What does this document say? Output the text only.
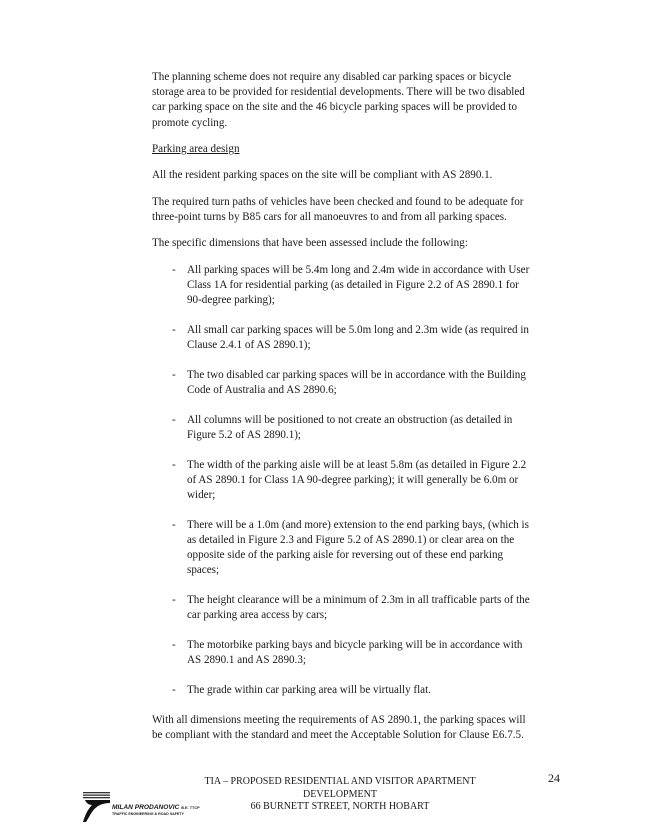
The planning scheme does not require any disabled car parking spaces or bicycle storage area to be provided for residential developments. There will be two disabled car parking space on the site and the 46 bicycle parking spaces will be provided to promote cycling.

Parking area design

All the resident parking spaces on the site will be compliant with AS 2890.1.

The required turn paths of vehicles have been checked and found to be adequate for three-point turns by B85 cars for all manoeuvres to and from all parking spaces.

The specific dimensions that have been assessed include the following:

- All parking spaces will be 5.4m long and 2.4m wide in accordance with User Class 1A for residential parking (as detailed in Figure 2.2 of AS 2890.1 for 90-degree parking);
- All small car parking spaces will be 5.0m long and 2.3m wide (as required in Clause 2.4.1 of AS 2890.1);
- The two disabled car parking spaces will be in accordance with the Building Code of Australia and AS 2890.6;
- All columns will be positioned to not create an obstruction (as detailed in Figure 5.2 of AS 2890.1);
- The width of the parking aisle will be at least 5.8m (as detailed in Figure 2.2 of AS 2890.1 for Class 1A 90-degree parking); it will generally be 6.0m or wider;
- There will be a 1.0m (and more) extension to the end parking bays, (which is as detailed in Figure 2.3 and Figure 5.2 of AS 2890.1) or clear area on the opposite side of the parking aisle for reversing out of these end parking spaces;
- The height clearance will be a minimum of 2.3m in all trafficable parts of the car parking area access by cars;
- The motorbike parking bays and bicycle parking will be in accordance with AS 2890.1 and AS 2890.3;
- The grade within car parking area will be virtually flat.

With all dimensions meeting the requirements of AS 2890.1, the parking spaces will be compliant with the standard and meet the Acceptable Solution for Clause E6.7.5.

MILAN PRODANOVIC B.E. TTCP
TRAFFIC ENGINEERING & ROAD SAFETY
TIA – PROPOSED RESIDENTIAL AND VISITOR APARTMENT
DEVELOPMENT
66 BURNETT STREET, NORTH HOBART
24
